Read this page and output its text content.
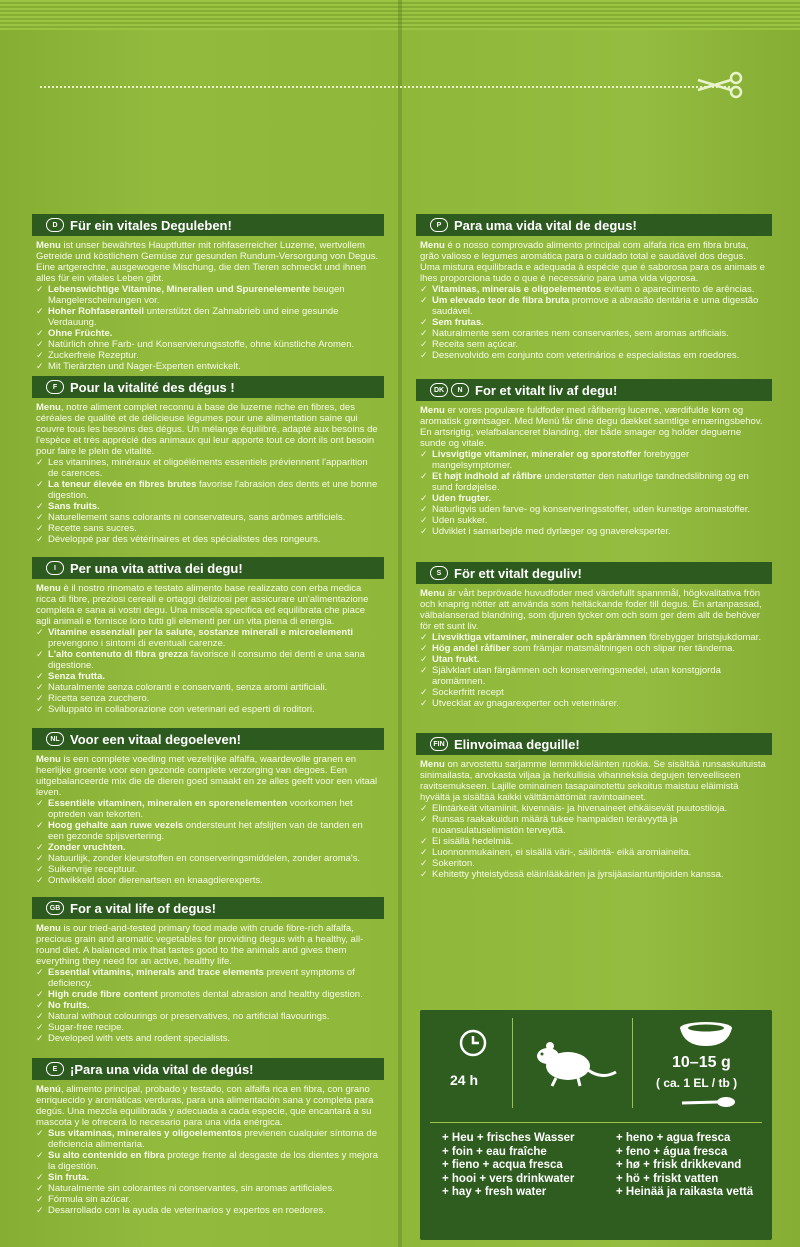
D Für ein vitales Deguleben!
Menu ist unser bewährtes Hauptfutter mit rohfaserreicher Luzerne, wertvollem Getreide und köstlichem Gemüse zur gesunden Rundum-Versorgung von Degus. Eine artgerechte, ausgewogene Mischung, die den Tieren schmeckt und ihnen alles für ein vitales Leben gibt.
✓ Lebenswichtige Vitamine, Mineralien und Spurenelemente beugen Mangelerscheinungen vor.
✓ Hoher Rohfaseranteil unterstützt den Zahnabrieb und eine gesunde Verdauung.
✓ Ohne Früchte.
✓ Natürlich ohne Farb- und Konservierungsstoffe, ohne künstliche Aromen.
✓ Zuckerfreie Rezeptur.
✓ Mit Tierärzten und Nager-Experten entwickelt.
F Pour la vitalité des dégus !
Menu, notre aliment complet reconnu à base de luzerne riche en fibres, des céréales de qualité et de délicieuse légumes pour une alimentation saine qui couvre tous les besoins des dégus. Un mélange équilibré, adapté aux besoins de l'espèce et très apprécié des animaux qui leur apporte tout ce dont ils ont besoin pour faire le plein de vitalité.
✓ Les vitamines, minéraux et oligoéléments essentiels préviennent l'apparition de carences.
✓ La teneur élevée en fibres brutes favorise l'abrasion des dents et une bonne digestion.
✓ Sans fruits.
✓ Naturellement sans colorants ni conservateurs, sans arômes artificiels.
✓ Recette sans sucres.
✓ Développé par des vétérinaires et des spécialistes des rongeurs.
I	Per una vita attiva dei degu!
Menu è il nostro rinomato e testato alimento base realizzato con erba medica ricca di fibre, preziosi cereali e ortaggi deliziosi per assicurare un'alimentazione completa e sana ai vostri degu. Una miscela specifica ed equilibrata che piace agli animali e fornisce loro tutti gli elementi per un vita piena di energia.
✓ Vitamine essenziali per la salute, sostanze minerali e microelementi prevengono i sintomi di eventuali carenze.
✓ L'alto contenuto di fibra grezza favorisce il consumo dei denti e una sana digestione.
✓ Senza frutta.
✓ Naturalmente senza coloranti e conservanti, senza aromi artificiali.
✓ Ricetta senza zucchero.
✓ Sviluppato in collaborazione con veterinari ed esperti di roditori.
NL Voor een vitaal degoeleven!
Menu is een complete voeding met vezelrijke alfalfa, waardevolle granen en heerlijke groente voor een gezonde complete verzorging van degoes. Een uitgebalanceerde mix die de dieren goed smaakt en ze alles geeft voor een vitaal leven.
✓ Essentiële vitaminen, mineralen en sporenelementen voorkomen het optreden van tekorten.
✓ Hoog gehalte aan ruwe vezels ondersteunt het afslijten van de tanden en een gezonde spijsvertering.
✓ Zonder vruchten.
✓ Natuurlijk, zonder kleurstoffen en conserveringsmiddelen, zonder aroma's.
✓ Suikervrije receptuur.
✓ Ontwikkeld door dierenartsen en knaagdierexperts.
GB For a vital life of degus!
Menu is our tried-and-tested primary food made with crude fibre-rich alfalfa, precious grain and aromatic vegetables for providing degus with a healthy, all-round diet. A balanced mix that tastes good to the animals and gives them everything they need for an active, healthy life.
✓ Essential vitamins, minerals and trace elements prevent symptoms of deficiency.
✓ High crude fibre content promotes dental abrasion and healthy digestion.
✓ No fruits.
✓ Natural without colourings or preservatives, no artificial flavourings.
✓ Sugar-free recipe.
✓ Developed with vets and rodent specialists.
E ¡Para una vida vital de degús!
Menú, alimento principal, probado y testado, con alfalfa rica en fibra, con grano enriquecido y aromáticas verduras, para una alimentación sana y completa para degús. Una mezcla equilibrada y adecuada a cada especie, que encantará a su mascota y le ofrecerá lo necesario para una vida enérgica.
✓ Sus vitaminas, minerales y oligoelementos previenen cualquier síntoma de deficiencia alimentaria.
✓ Su alto contenido en fibra protege frente al desgaste de los dientes y mejora la digestión.
✓ Sin fruta.
✓ Naturalmente sin colorantes ni conservantes, sin aromas artificiales.
✓ Fórmula sin azúcar.
✓ Desarrollado con la ayuda de veterinarios y expertos en roedores.
P Para uma vida vital de degus!
Menu é o nosso comprovado alimento principal com alfafa rica em fibra bruta, grão valioso e legumes aromática para o cuidado total e saudável dos degus. Uma mistura equilibrada e adequada à espécie que é saborosa para os animais e lhes proporciona tudo o que é necessário para uma vida vigorosa.
✓ Vitaminas, minerais e oligoelementos evitam o aparecimento de arências.
✓ Um elevado teor de fibra bruta promove a abrasão dentária e uma digestão saudável.
✓ Sem frutas.
✓ Naturalmente sem corantes nem conservantes, sem aromas artificiais.
✓ Receita sem açúcar.
✓ Desenvolvido em conjunto com veterinários e especialistas em roedores.
DK	N For et vitalt liv af degu!
Menu er vores populære fuldfoder med råfiberrig lucerne, værdifulde korn og aromatisk grøntsager. Med Menü får dine degu dækket samtlige ernæringsbehov. En artsrigtig, velafbalanceret blanding, der både smager og holder deguerne sunde og vitale.
✓ Livsvigtige vitaminer, mineraler og sporstoffer forebygger mangelsymptomer.
✓ Et højt indhold af råfibre understøtter den naturlige tandnedslibning og en sund fordøjelse.
✓ Uden frugter.
✓ Naturligvis uden farve- og konserveringsstoffer, uden kunstige aromastoffer.
✓ Uden sukker.
✓ Udviklet i samarbejde med dyrlæger og gnavereksperter.
S För ett vitalt deguliv!
Menu är vårt beprövade huvudfoder med värdefullt spannmål, högkvalitativa frön och knaprig nötter att använda som heltäckande foder till degus. En artanpassad, välbalanserad blandning, som djuren tycker om och som ger dem allt de behöver för ett sunt liv.
✓ Livsviktiga vitaminer, mineraler och spårämnen förebygger bristsjukdomar.
✓ Hög andel råfiber som främjar matsmältningen och slipar ner tänderna.
✓ Utan frukt.
✓ Självklart utan färgämnen och konserveringsmedel, utan konstgjorda aromämnen.
✓ Sockerfritt recept
✓ Utvecklat av gnagarexperter och veterinärer.
FIN Elinvoimaa deguille!
Menu on arvostettu sarjamme lemmikkieläinten ruokia. Se sisältää runsaskuituista sinimailasta, arvokasta viljaa ja herkullisia vihanneksia degujen terveelliseen ravitsemukseen. Lajille ominainen tasapainotettu sekoitus maistuu eläimistä hyvältä ja sisältää kaikki välttämättömät ravintoaineet.
✓ Elintärkeät vitamiinit, kivennäis- ja hivenaineet ehkäisevät puutostiloja.
✓ Runsas raakakuidun määrä tukee hampaiden terävyyttä ja ruoansulatuselimistön terveyttä.
✓ Ei sisällä hedelmiä.
✓ Luonnonmukainen, ei sisällä väri-, säilöntä- eikä aromiaineita.
✓ Sokeriton.
✓ Kehitetty yhteistyössä eläinlääkärien ja jyrsijäasiantuntijoiden kanssa.
24 h
10–15 g
( ca. 1 EL / tb )
+ Heu + frisches Wasser
+ foin + eau fraîche
+ fieno + acqua fresca
+ hooi + vers drinkwater
+ hay + fresh water
+ heno + agua fresca
+ feno + água fresca
+ hø + frisk drikkevand
+ hö + friskt vatten
+ Heinää ja raikasta vettä
